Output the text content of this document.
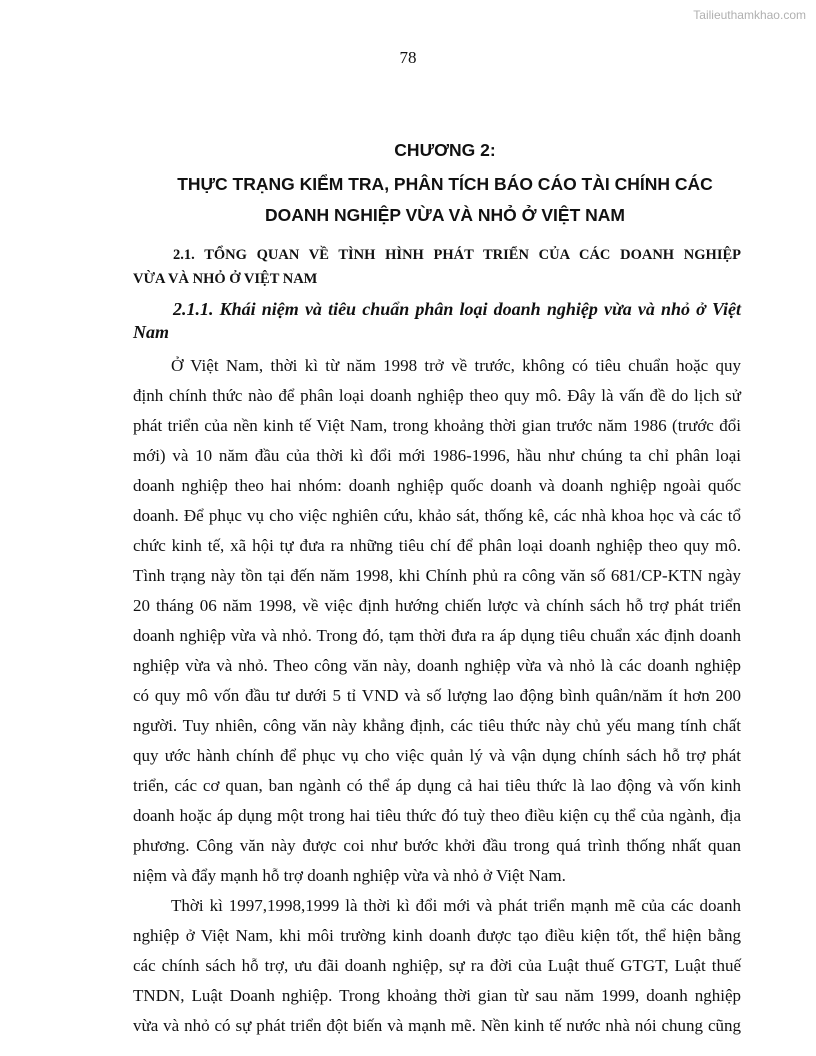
Tailieuthamkhao.com
78
CHƯƠNG 2:
THỰC TRẠNG KIỂM TRA, PHÂN TÍCH BÁO CÁO TÀI CHÍNH CÁC
DOANH NGHIỆP VỪA VÀ NHỎ Ở VIỆT NAM
2.1. TỔNG QUAN VỀ TÌNH HÌNH PHÁT TRIỂN CỦA CÁC DOANH NGHIỆP
VỪA VÀ NHỎ Ở VIỆT NAM
2.1.1. Khái niệm và tiêu chuẩn phân loại doanh nghiệp vừa và nhỏ ở Việt
Nam
Ở Việt Nam, thời kì từ năm 1998 trở về trước, không có tiêu chuẩn hoặc quy
định chính thức nào để phân loại doanh nghiệp theo quy mô. Đây là vấn đề do lịch sử
phát triển của nền kinh tế Việt Nam, trong khoảng thời gian trước năm 1986 (trước đổi
mới) và 10 năm đầu của thời kì đổi mới 1986-1996, hầu như chúng ta chỉ phân loại
doanh nghiệp theo hai nhóm: doanh nghiệp quốc doanh và doanh nghiệp ngoài quốc
doanh. Để phục vụ cho việc nghiên cứu, khảo sát, thống kê, các nhà khoa học và các tổ
chức kinh tế, xã hội tự đưa ra những tiêu chí để phân loại doanh nghiệp theo quy mô.
Tình trạng này tồn tại đến năm 1998, khi Chính phủ ra công văn số 681/CP-KTN ngày
20 tháng 06 năm 1998, về việc định hướng chiến lược và chính sách hỗ trợ phát triển
doanh nghiệp vừa và nhỏ. Trong đó, tạm thời đưa ra áp dụng tiêu chuẩn xác định doanh
nghiệp vừa và nhỏ. Theo công văn này, doanh nghiệp vừa và nhỏ là các doanh nghiệp
có quy mô vốn đầu tư dưới 5 tỉ VND và số lượng lao động bình quân/năm ít hơn 200
người. Tuy nhiên, công văn này khẳng định, các tiêu thức này chủ yếu mang tính chất
quy ước hành chính để phục vụ cho việc quản lý và vận dụng chính sách hỗ trợ phát
triển, các cơ quan, ban ngành có thể áp dụng cả hai tiêu thức là lao động và vốn kinh
doanh hoặc áp dụng một trong hai tiêu thức đó tuỳ theo điều kiện cụ thể của ngành, địa
phương. Công văn này được coi như bước khởi đầu trong quá trình thống nhất quan
niệm và đẩy mạnh hỗ trợ doanh nghiệp vừa và nhỏ ở Việt Nam.
Thời kì 1997,1998,1999 là thời kì đổi mới và phát triển mạnh mẽ của các doanh
nghiệp ở Việt Nam, khi môi trường kinh doanh được tạo điều kiện tốt, thể hiện bằng
các chính sách hỗ trợ, ưu đãi doanh nghiệp, sự ra đời của Luật thuế GTGT, Luật thuế
TNDN, Luật Doanh nghiệp. Trong khoảng thời gian từ sau năm 1999, doanh nghiệp
vừa và nhỏ có sự phát triển đột biến và mạnh mẽ. Nền kinh tế nước nhà nói chung cũng
